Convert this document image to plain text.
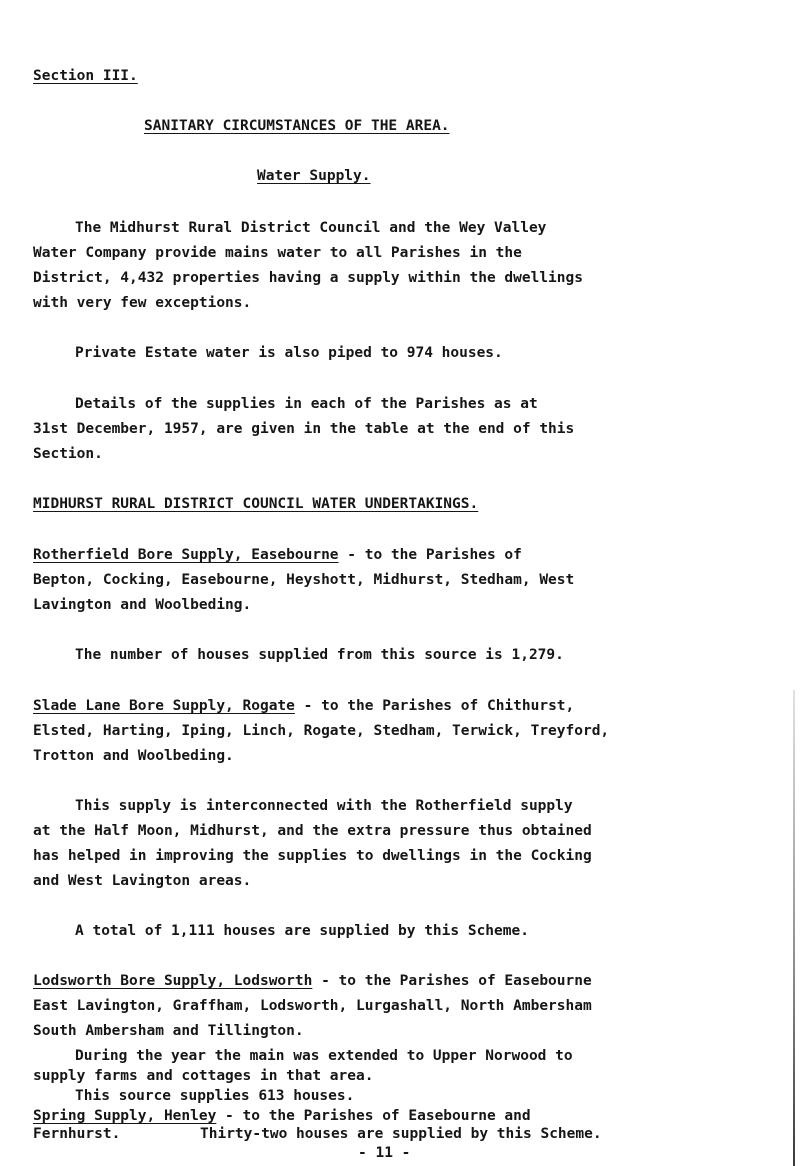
Section III.
SANITARY CIRCUMSTANCES OF THE AREA.
Water Supply.
The Midhurst Rural District Council and the Wey Valley
Water Company provide mains water to all Parishes in the
District, 4,432 properties having a supply within the dwellings
with very few exceptions.
Private Estate water is also piped to 974 houses.
Details of the supplies in each of the Parishes as at
31st December, 1957, are given in the table at the end of this
Section.
MIDHURST RURAL DISTRICT COUNCIL WATER UNDERTAKINGS.
Rotherfield Bore Supply, Easebourne - to the Parishes of
Bepton, Cocking, Easebourne, Heyshott, Midhurst, Stedham, West
Lavington and Woolbeding.
The number of houses supplied from this source is 1,279.
Slade Lane Bore Supply, Rogate - to the Parishes of Chithurst,
Elsted, Harting, Iping, Linch, Rogate, Stedham, Terwick, Treyford,
Trotton and Woolbeding.
This supply is interconnected with the Rotherfield supply
at the Half Moon, Midhurst, and the extra pressure thus obtained
has helped in improving the supplies to dwellings in the Cocking
and West Lavington areas.
A total of 1,111 houses are supplied by this Scheme.
Lodsworth Bore Supply, Lodsworth - to the Parishes of Easebourne
East Lavington, Graffham, Lodsworth, Lurgashall, North Ambersham
South Ambersham and Tillington.
During the year the main was extended to Upper Norwood to
supply farms and cottages in that area.
This source supplies 613 houses.
Spring Supply, Henley - to the Parishes of Easebourne and
Fernhurst.	Thirty-two houses are supplied by this Scheme.
- 11 -
